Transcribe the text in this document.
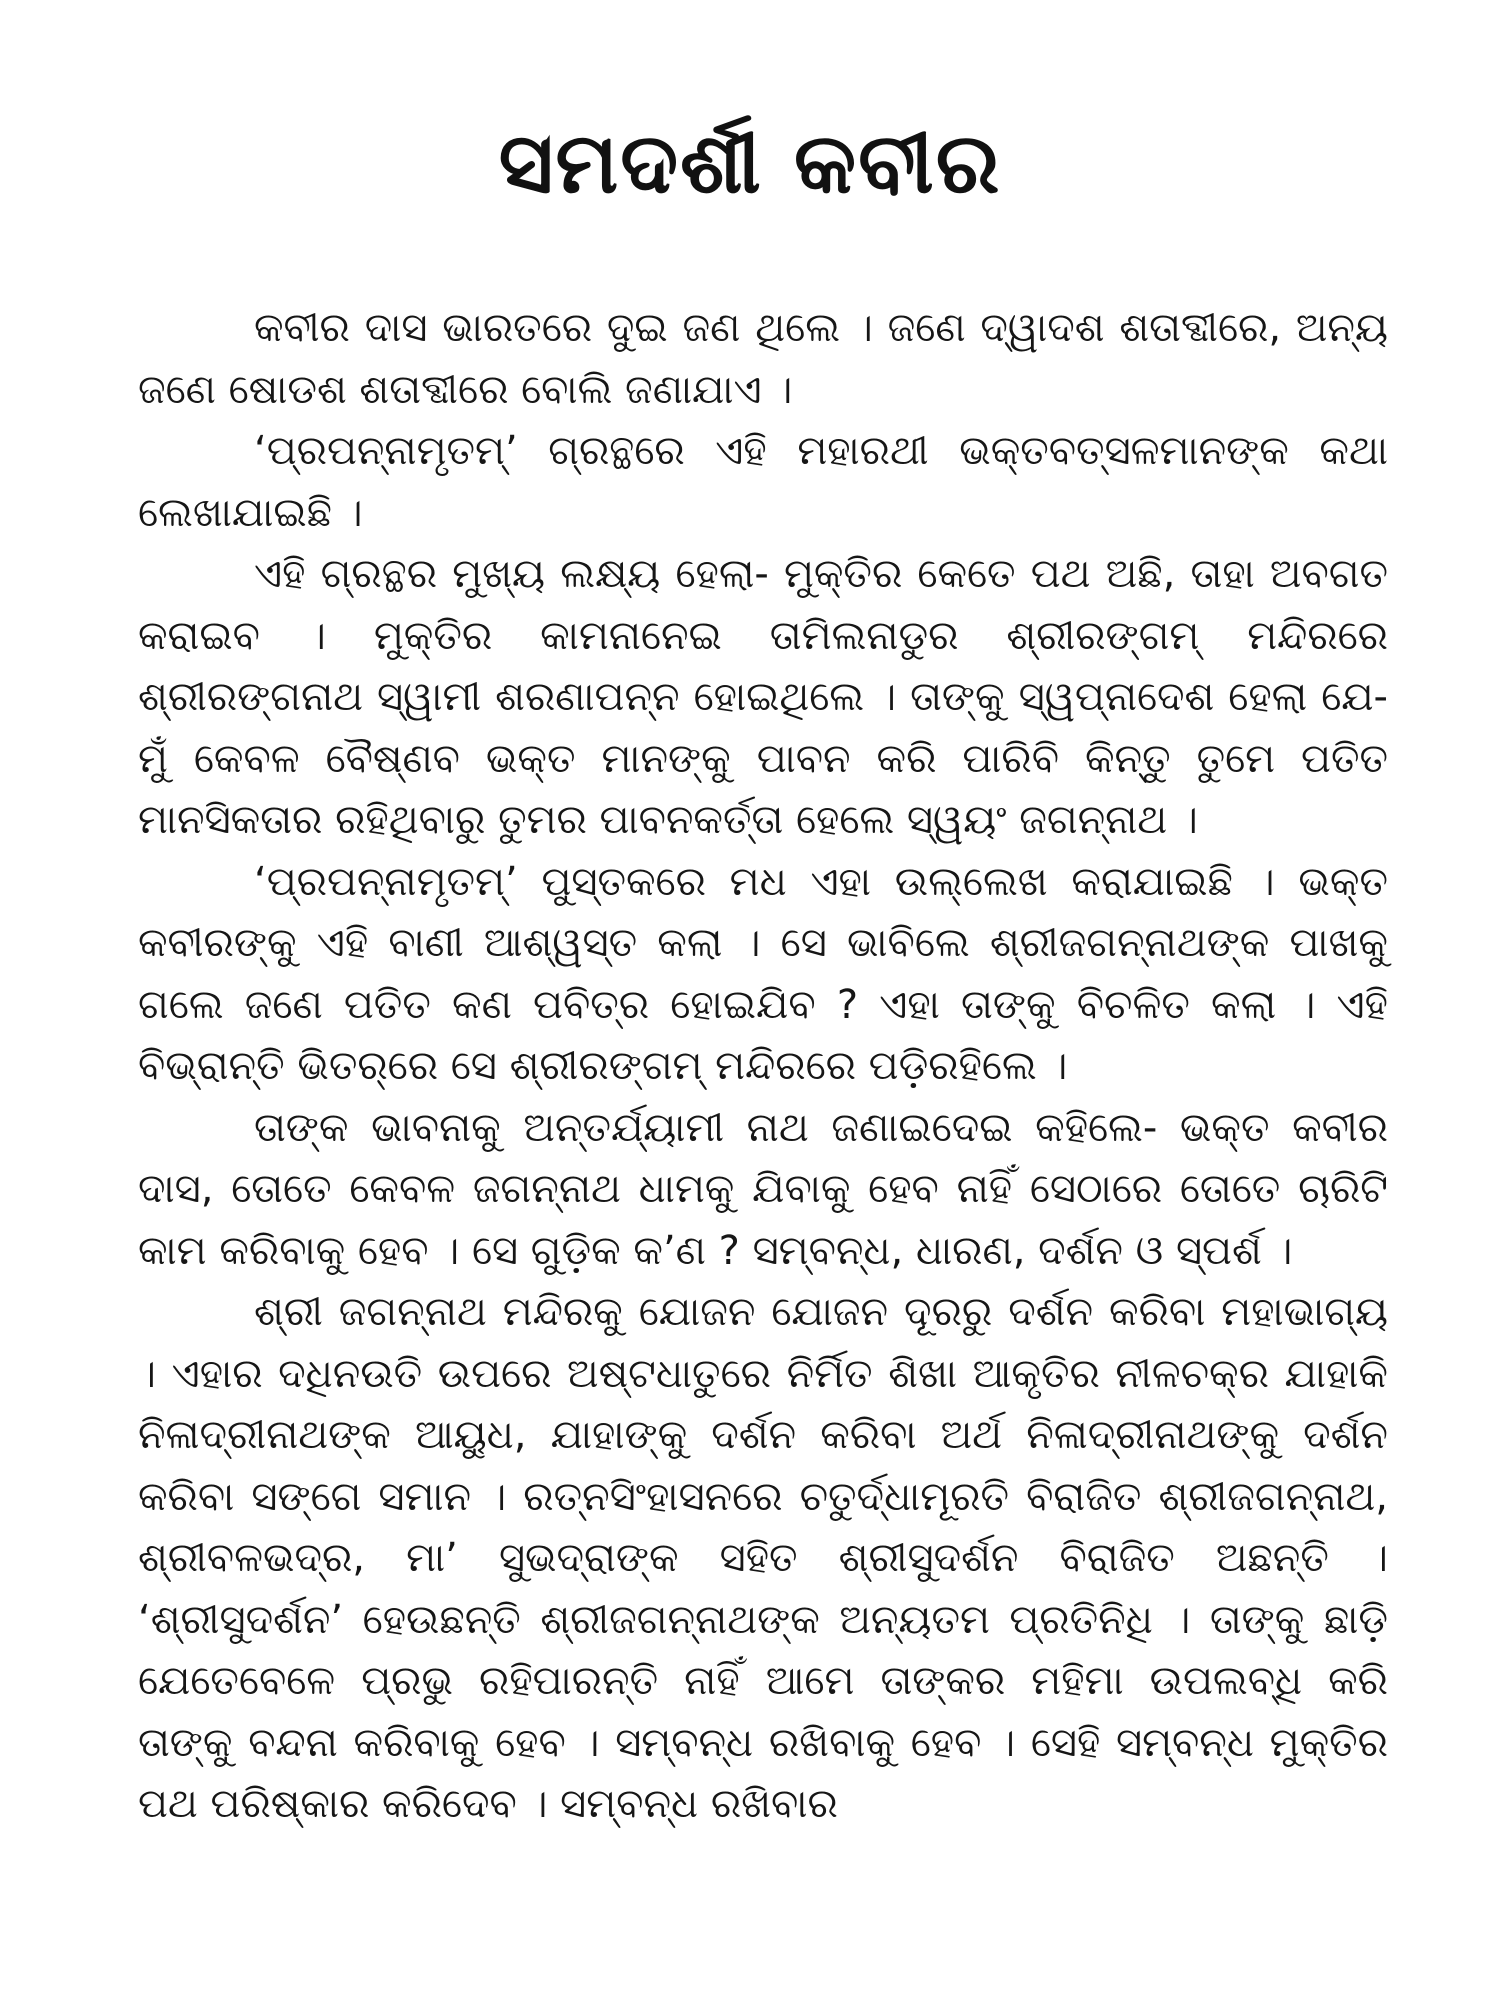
ସମଦର୍ଶୀ କବୀର

କବୀର ଦାସ ଭାରତରେ ଦୁଇ ଜଣ ଥିଲେ । ଜଣେ ଦ୍ୱାଦଶ ଶତାବ୍ଦୀରେ, ଅନ୍ୟ ଜଣେ ଷୋଡଶ ଶତାବ୍ଦୀରେ ବୋଲି ଜଣାଯାଏ ।

‘ପ୍ରପନ୍ନାମୃତମ୍’ ଗ୍ରନ୍ଥରେ ଏହି ମହାରଥୀ ଭକ୍ତବତ୍ସଳମାନଙ୍କ କଥା ଲେଖାଯାଇଛି ।

ଏହି ଗ୍ରନ୍ଥର ମୁଖ୍ୟ ଲକ୍ଷ୍ୟ ହେଲା- ମୁକ୍ତିର କେତେ ପଥ ଅଛି, ତାହା ଅବଗତ କରାଇବ । ମୁକ୍ତିର କାମନାନେଇ ତାମିଲନାଡୁର ଶ୍ରୀରଙ୍ଗମ୍ ମନ୍ଦିରରେ ଶ୍ରୀରଙ୍ଗନାଥ ସ୍ୱାମୀ ଶରଣାପନ୍ନ ହୋଇଥିଲେ । ତାଙ୍କୁ ସ୍ୱପ୍ନାଦେଶ ହେଲା ଯେ- ମୁଁ କେବଳ ବୈଷ୍ଣବ ଭକ୍ତ ମାନଙ୍କୁ ପାବନ କରି ପାରିବି କିନ୍ତୁ ତୁମେ ପତିତ ମାନସିକତାର ରହିଥିବାରୁ ତୁମର ପାବନକର୍ତ୍ତା ହେଲେ ସ୍ୱୟଂ ଜଗନ୍ନାଥ ।

‘ପ୍ରପନ୍ନାମୃତମ୍’ ପୁସ୍ତକରେ ମଧ ଏହା ଉଲ୍ଲେଖ କରାଯାଇଛି । ଭକ୍ତ କବୀରଙ୍କୁ ଏହି ବାଣୀ ଆଶ୍ୱସ୍ତ କଲା । ସେ ଭାବିଲେ ଶ୍ରୀଜଗନ୍ନାଥଙ୍କ ପାଖକୁ ଗଲେ ଜଣେ ପତିତ କଣ ପବିତ୍ର ହୋଇଯିବ ? ଏହା ତାଙ୍କୁ ବିଚଳିତ କଲା । ଏହି ବିଭ୍ରାନ୍ତି ଭିତର୍‌ରେ ସେ ଶ୍ରୀରଙ୍ଗମ୍ ମନ୍ଦିରରେ ପଡ଼ିରହିଲେ ।

ତାଙ୍କ ଭାବନାକୁ ଅନ୍ତର୍ଯ୍ୟାମୀ ନାଥ ଜଣାଇଦେଇ କହିଲେ- ଭକ୍ତ କବୀର ଦାସ, ତୋତେ କେବଳ ଜଗନ୍ନାଥ ଧାମକୁ ଯିବାକୁ ହେବ ନାହିଁ ସେଠାରେ ତୋତେ ଚାରିଟି କାମ କରିବାକୁ ହେବ । ସେ ଗୁଡ଼ିକ କ’ଣ ? ସମ୍ବନ୍ଧ, ଧାରଣ, ଦର୍ଶନ ଓ ସ୍ପର୍ଶ ।

ଶ୍ରୀ ଜଗନ୍ନାଥ ମନ୍ଦିରକୁ ଯୋଜନ ଯୋଜନ ଦୂରରୁ ଦର୍ଶନ କରିବା ମହାଭାଗ୍ୟ । ଏହାର ଦଧିନଉତି ଉପରେ ଅଷ୍ଟଧାତୁରେ ନିର୍ମିତ ଶିଖା ଆକୃତିର ନୀଳଚକ୍ର ଯାହାକି ନିଳାଦ୍ରୀନାଥଙ୍କ ଆୟୁଧ, ଯାହାଙ୍କୁ ଦର୍ଶନ କରିବା ଅର୍ଥ ନିଳାଦ୍ରୀନାଥଙ୍କୁ ଦର୍ଶନ କରିବା ସଙ୍ଗେ ସମାନ । ରତ୍ନସିଂହାସନରେ ଚତୁର୍ଦ୍ଧାମୂରତି ବିରାଜିତ ଶ୍ରୀଜଗନ୍ନାଥ, ଶ୍ରୀବଳଭଦ୍ର, ମା’ ସୁଭଦ୍ରାଙ୍କ ସହିତ ଶ୍ରୀସୁଦର୍ଶନ ବିରାଜିତ ଅଛନ୍ତି । ‘ଶ୍ରୀସୁଦର୍ଶନ’ ହେଉଛନ୍ତି ଶ୍ରୀଜଗନ୍ନାଥଙ୍କ ଅନ୍ୟତମ ପ୍ରତିନିଧି । ତାଙ୍କୁ ଛାଡ଼ି ଯେତେବେଳେ ପ୍ରଭୁ ରହିପାରନ୍ତି ନାହିଁ ଆମେ ତାଙ୍କର ମହିମା ଉପଲବ୍ଧି କରି ତାଙ୍କୁ ବନ୍ଦନା କରିବାକୁ ହେବ । ସମ୍ବନ୍ଧ ରଖିବାକୁ ହେବ । ସେହି ସମ୍ବନ୍ଧ ମୁକ୍ତିର ପଥ ପରିଷ୍କାର କରିଦେବ । ସମ୍ବନ୍ଧ ରଖିବାର
